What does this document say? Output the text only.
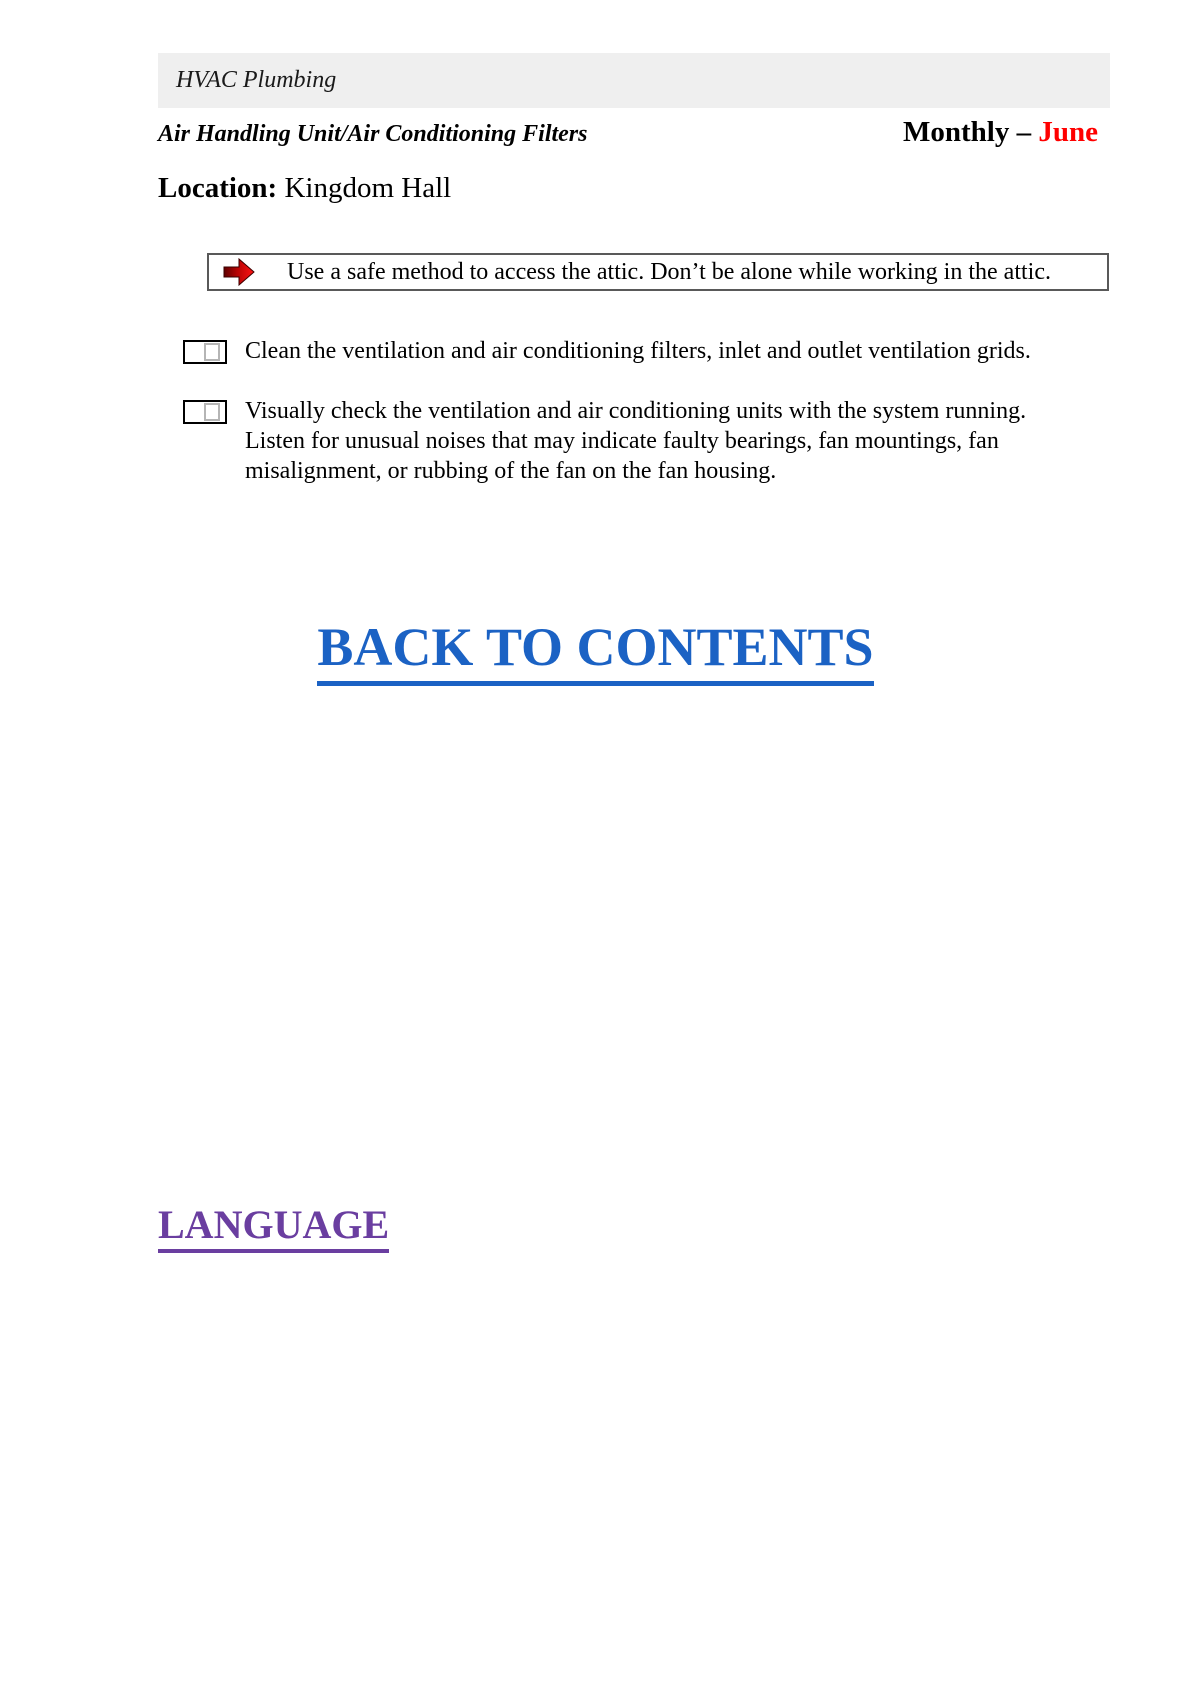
HVAC Plumbing
Air Handling Unit/Air Conditioning Filters	Monthly – June
Location: Kingdom Hall
Use a safe method to access the attic. Don’t be alone while working in the attic.
Clean the ventilation and air conditioning filters, inlet and outlet ventilation grids.
Visually check the ventilation and air conditioning units with the system running. Listen for unusual noises that may indicate faulty bearings, fan mountings, fan misalignment, or rubbing of the fan on the fan housing.
BACK TO CONTENTS
LANGUAGE
